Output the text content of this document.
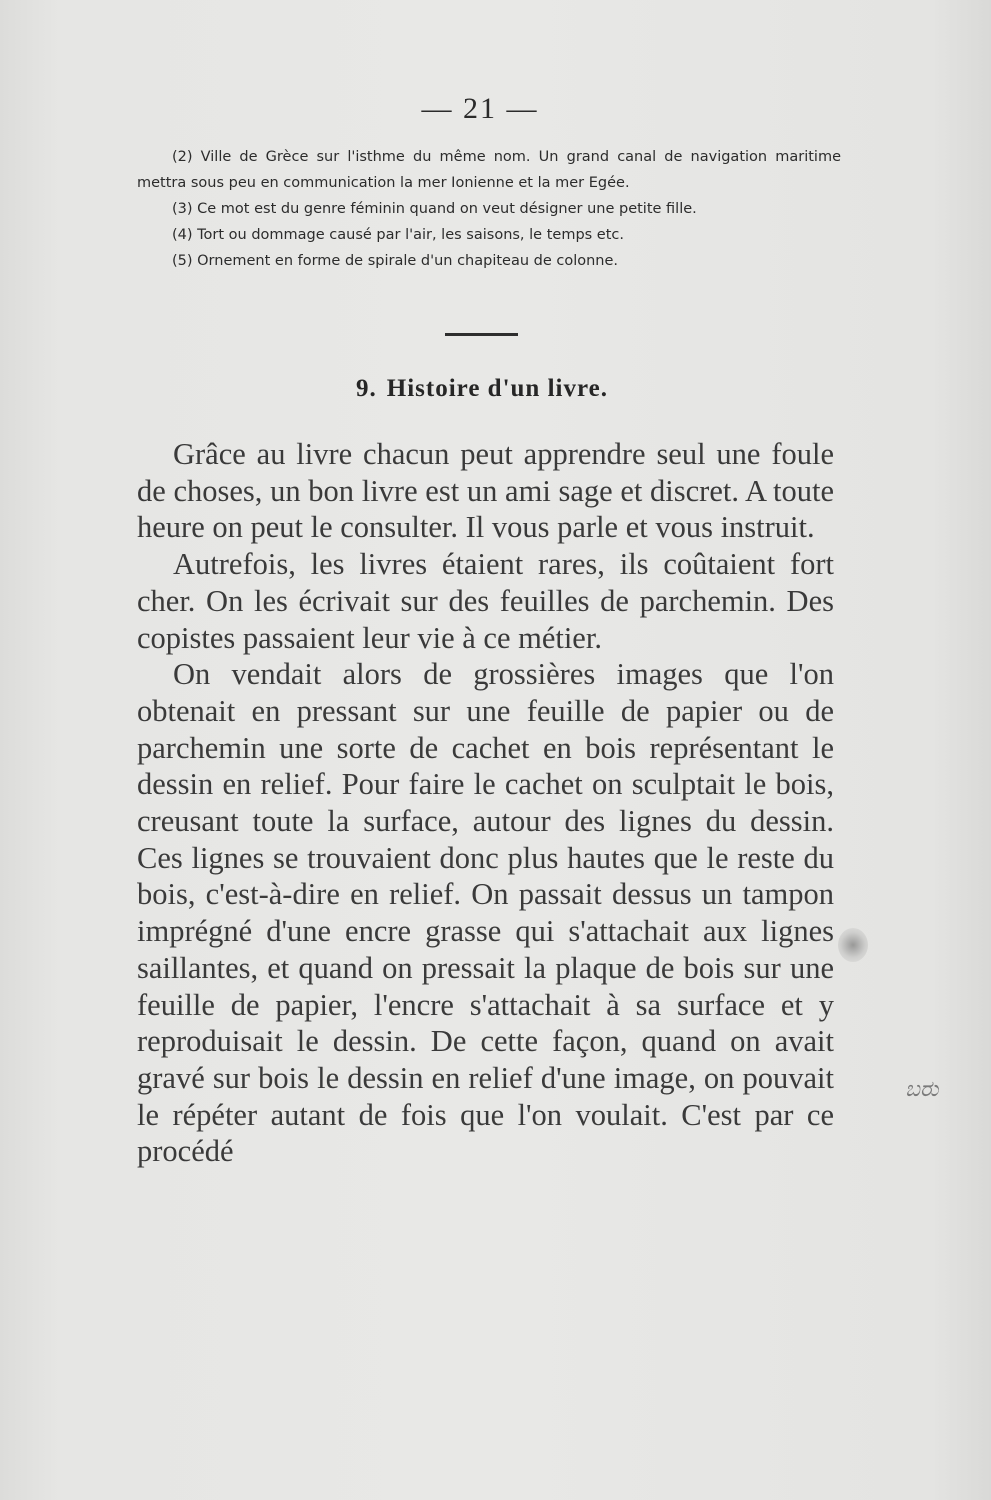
— 21 —

(2) Ville de Grèce sur l'isthme du même nom. Un grand canal de navigation maritime mettra sous peu en communication la mer Ionienne et la mer Egée.

(3) Ce mot est du genre féminin quand on veut désigner une petite fille.

(4) Tort ou dommage causé par l'air, les saisons, le temps etc.

(5) Ornement en forme de spirale d'un chapiteau de colonne.

9. Histoire d'un livre.

Grâce au livre chacun peut apprendre seul une foule de choses, un bon livre est un ami sage et discret. A toute heure on peut le consulter. Il vous parle et vous instruit.

Autrefois, les livres étaient rares, ils coûtaient fort cher. On les écrivait sur des feuilles de parchemin. Des copistes passaient leur vie à ce métier.

On vendait alors de grossières images que l'on obtenait en pressant sur une feuille de papier ou de parchemin une sorte de cachet en bois représentant le dessin en relief. Pour faire le cachet on sculptait le bois, creusant toute la surface, autour des lignes du dessin. Ces lignes se trouvaient donc plus hautes que le reste du bois, c'est-à-dire en relief. On passait dessus un tampon imprégné d'une encre grasse qui s'attachait aux lignes saillantes, et quand on pressait la plaque de bois sur une feuille de papier, l'encre s'attachait à sa surface et y reproduisait le dessin. De cette façon, quand on avait gravé sur bois le dessin en relief d'une image, on pouvait le répéter autant de fois que l'on voulait. C'est par ce procédé

ಬರು
